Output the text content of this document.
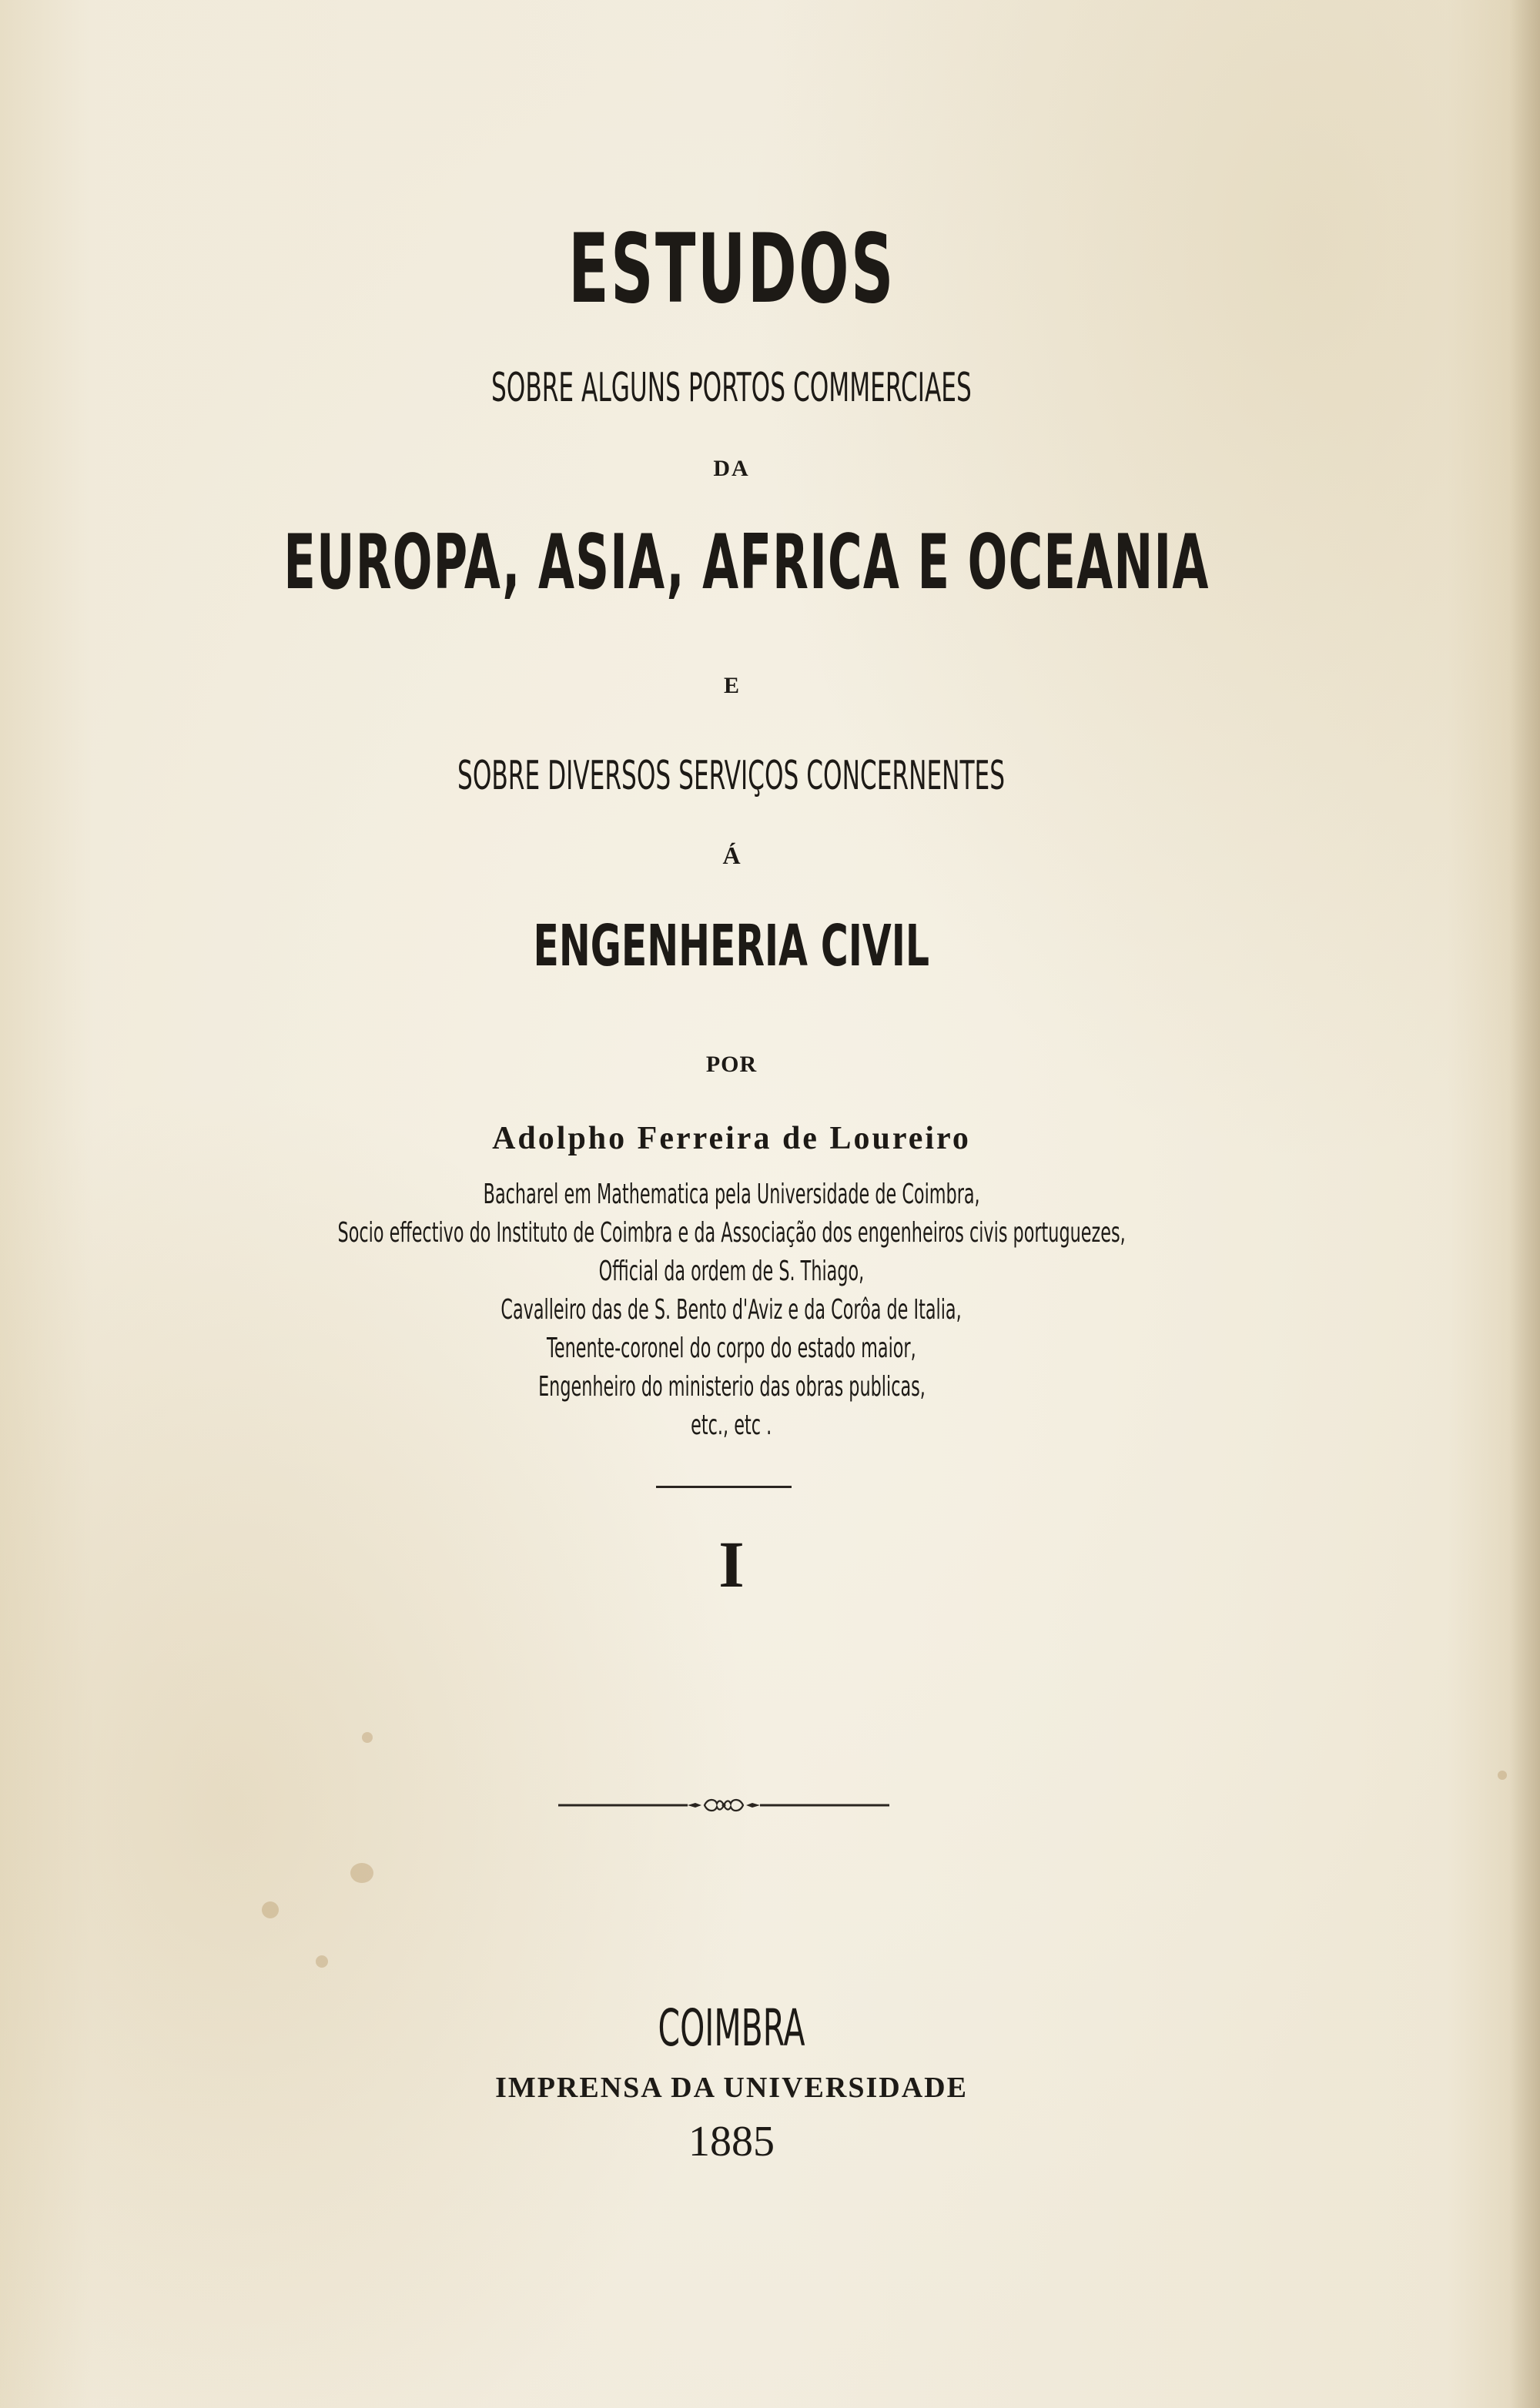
ESTUDOS
SOBRE ALGUNS PORTOS COMMERCIAES
DA
EUROPA, ASIA, AFRICA E OCEANIA
E
SOBRE DIVERSOS SERVIÇOS CONCERNENTES
Á
ENGENHERIA CIVIL
POR
Adolpho Ferreira de Loureiro
Bacharel em Mathematica pela Universidade de Coimbra,
Socio effectivo do Instituto de Coimbra e da Associação dos engenheiros civis portuguezes,
Official da ordem de S. Thiago,
Cavalleiro das de S. Bento d'Aviz e da Corôa de Italia,
Tenente-coronel do corpo do estado maior,
Engenheiro do ministerio das obras publicas,
etc., etc .
I
COIMBRA
IMPRENSA DA UNIVERSIDADE
1885
